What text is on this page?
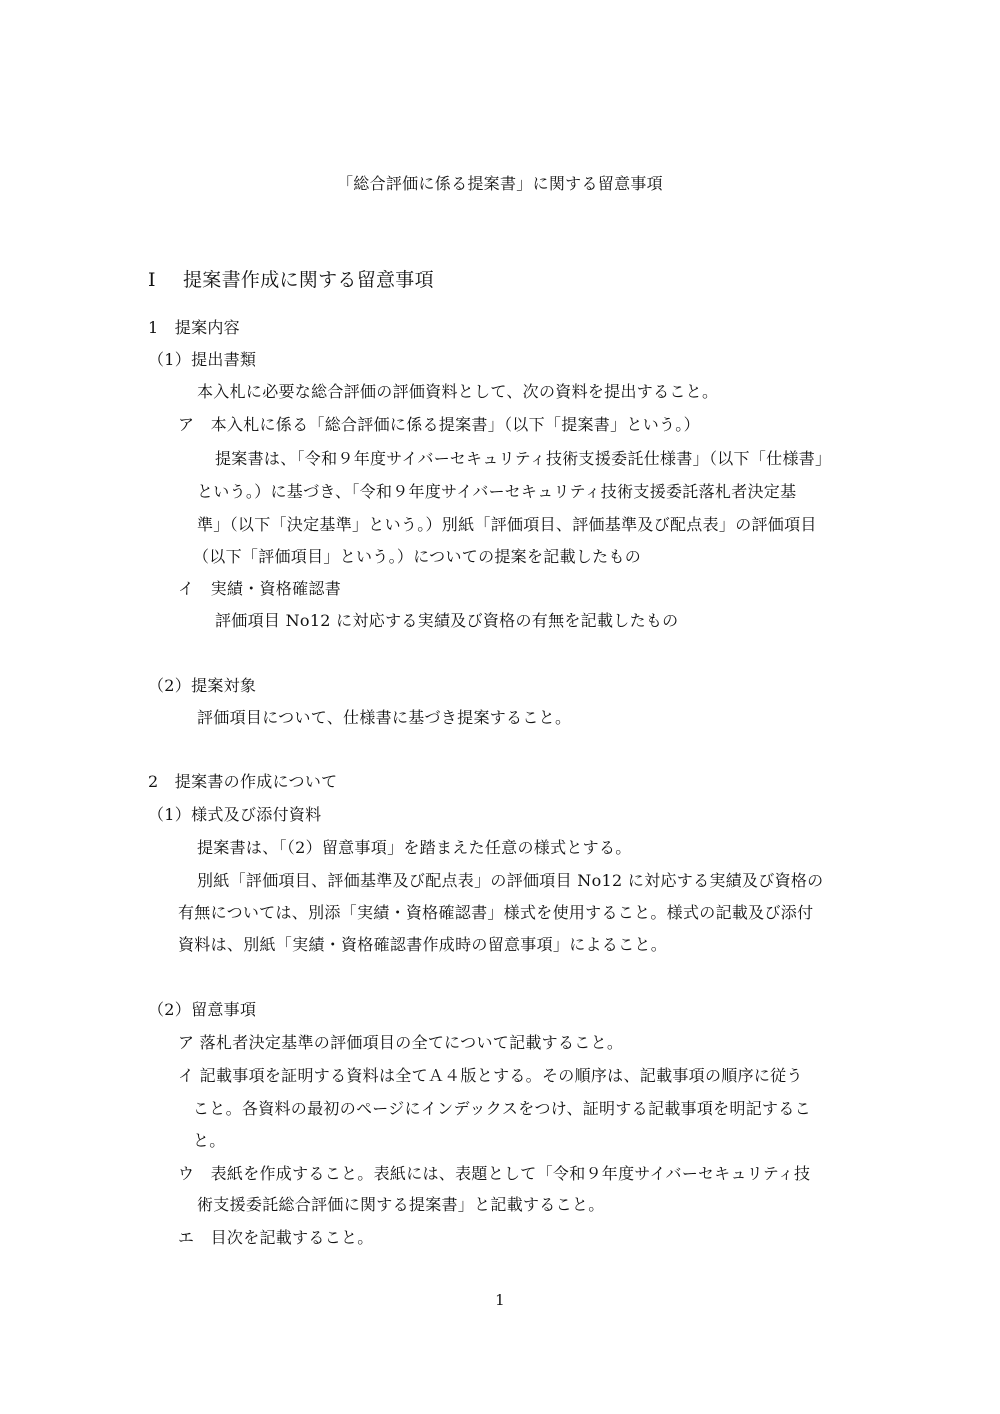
「総合評価に係る提案書」に関する留意事項
Ⅰ 提案書作成に関する留意事項
1　提案内容
（1）提出書類
本入札に必要な総合評価の評価資料として、次の資料を提出すること。
ア　本入札に係る「総合評価に係る提案書」（以下「提案書」という。）
提案書は、「令和９年度サイバーセキュリティ技術支援委託仕様書」（以下「仕様書」
という。）に基づき、「令和９年度サイバーセキュリティ技術支援委託落札者決定基
準」（以下「決定基準」という。）別紙「評価項目、評価基準及び配点表」の評価項目
（以下「評価項目」という。）についての提案を記載したもの
イ　実績・資格確認書
評価項目 No12 に対応する実績及び資格の有無を記載したもの
（2）提案対象
評価項目について、仕様書に基づき提案すること。
2　提案書の作成について
（1）様式及び添付資料
提案書は、「（2）留意事項」を踏まえた任意の様式とする。
別紙「評価項目、評価基準及び配点表」の評価項目 No12 に対応する実績及び資格の
有無については、別添「実績・資格確認書」様式を使用すること。様式の記載及び添付
資料は、別紙「実績・資格確認書作成時の留意事項」によること。
（2）留意事項
ア 落札者決定基準の評価項目の全てについて記載すること。
イ 記載事項を証明する資料は全てＡ４版とする。その順序は、記載事項の順序に従う
こと。各資料の最初のページにインデックスをつけ、証明する記載事項を明記するこ
と。
ウ　表紙を作成すること。表紙には、表題として「令和９年度サイバーセキュリティ技
術支援委託総合評価に関する提案書」と記載すること。
エ　目次を記載すること。
1
